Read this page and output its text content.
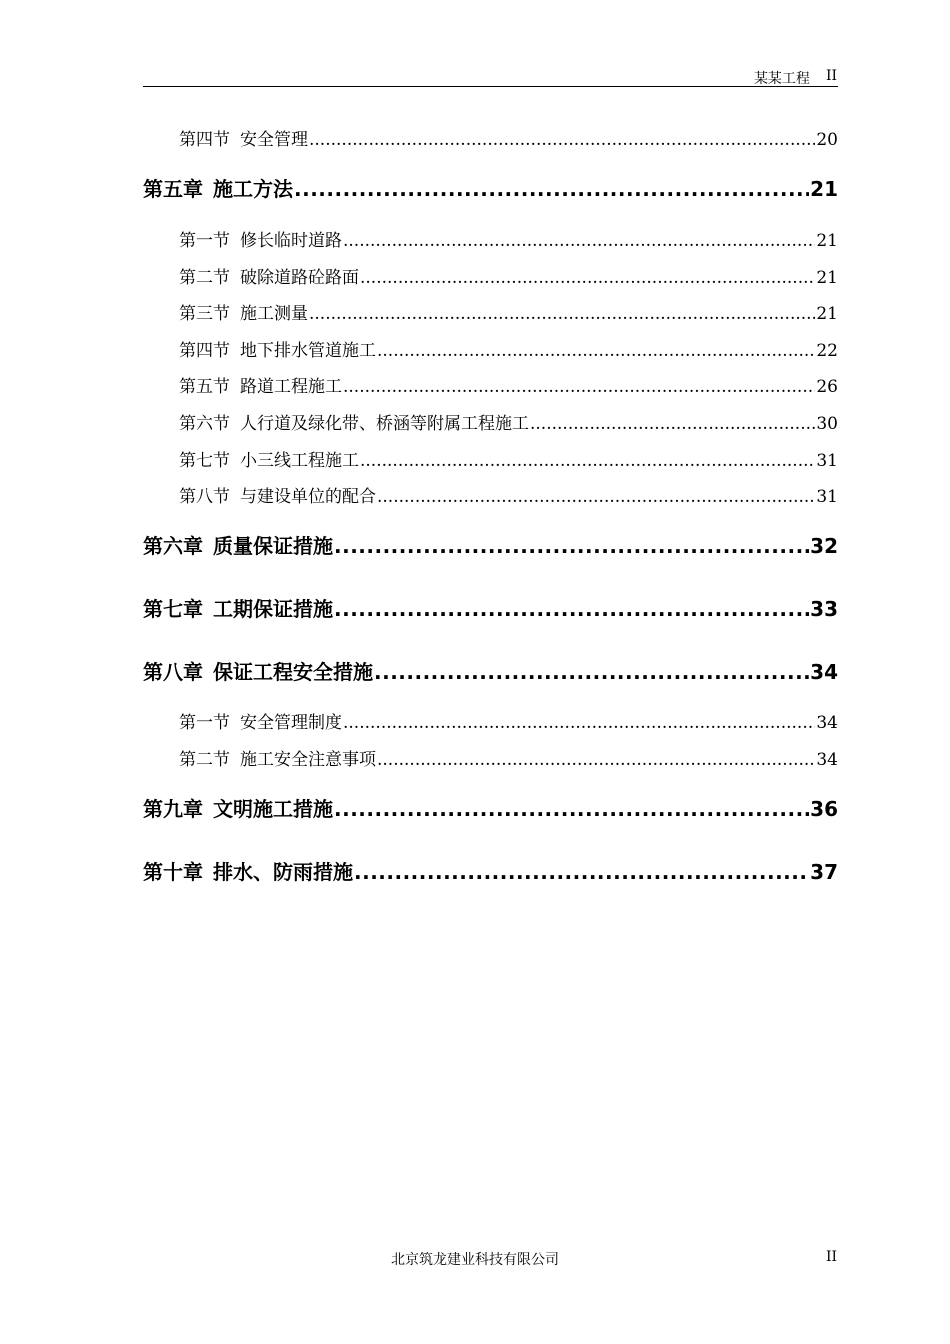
某某工程 II
第四节 安全管理 .....	20
第五章 施工方法 .....	21
第一节 修长临时道路 .....	21
第二节 破除道路砼路面 .....	21
第三节 施工测量 .....	21
第四节 地下排水管道施工 .....	22
第五节 路道工程施工 .....	26
第六节 人行道及绿化带、桥涵等附属工程施工 .....	30
第七节 小三线工程施工 .....	31
第八节 与建设单位的配合 .....	31
第六章 质量保证措施 .....	32
第七章 工期保证措施 .....	33
第八章 保证工程安全措施 .....	34
第一节 安全管理制度 .....	34
第二节 施工安全注意事项 .....	34
第九章 文明施工措施 .....	36
第十章 排水、防雨措施 .....	37
北京筑龙建业科技有限公司	II
